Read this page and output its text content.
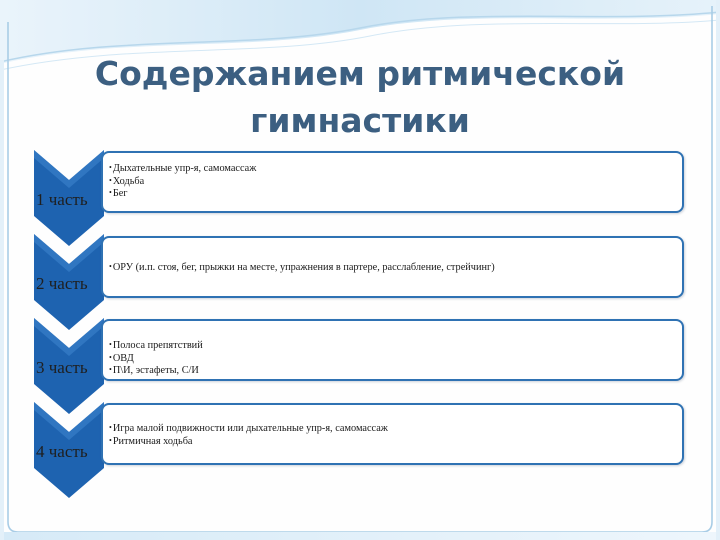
Содержанием ритмической
гимнастики
1 часть
•Дыхательные упр-я, самомассаж
•Ходьба
•Бег
2 часть
•ОРУ (и.п. стоя, бег, прыжки на месте, упражнения в партере, расслабление, стрейчинг)
3 часть
•Полоса препятствий
•ОВД
•П\И, эстафеты, С/И
4 часть
•Игра малой подвижности или дыхательные упр-я, самомассаж
•Ритмичная ходьба
